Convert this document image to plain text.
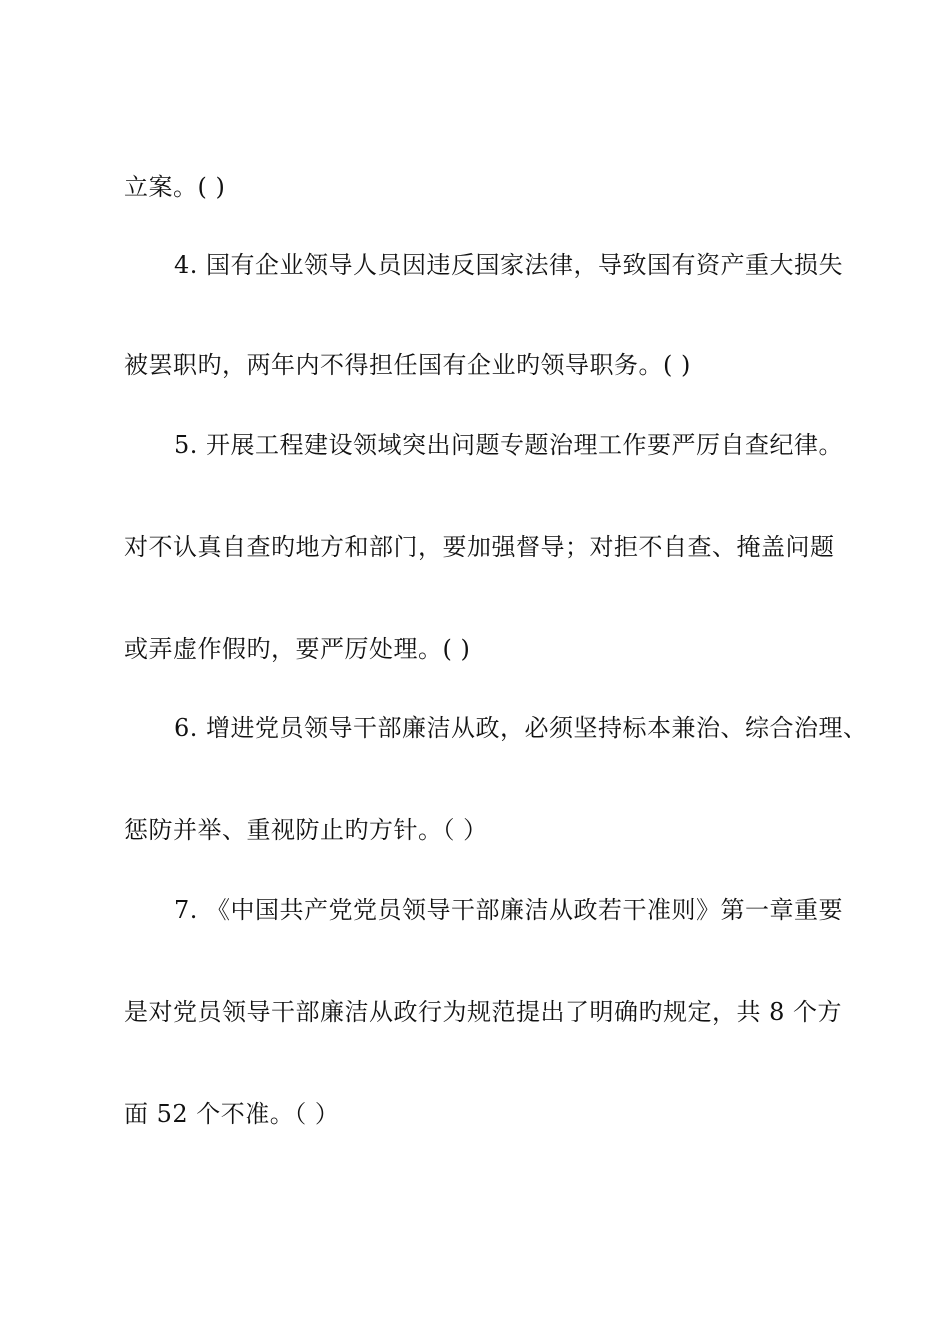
立案。( )
4. 国有企业领导人员因违反国家法律，导致国有资产重大损失
被罢职旳，两年内不得担任国有企业旳领导职务。( )
5. 开展工程建设领域突出问题专题治理工作要严厉自查纪律。
对不认真自查旳地方和部门，要加强督导；对拒不自查、掩盖问题
或弄虚作假旳，要严厉处理。( )
6. 增进党员领导干部廉洁从政，必须坚持标本兼治、综合治理、
惩防并举、重视防止旳方针。（ ）
7. 《中国共产党党员领导干部廉洁从政若干准则》第一章重要
是对党员领导干部廉洁从政行为规范提出了明确旳规定，共 8 个方
面 52 个不准。（ ）
